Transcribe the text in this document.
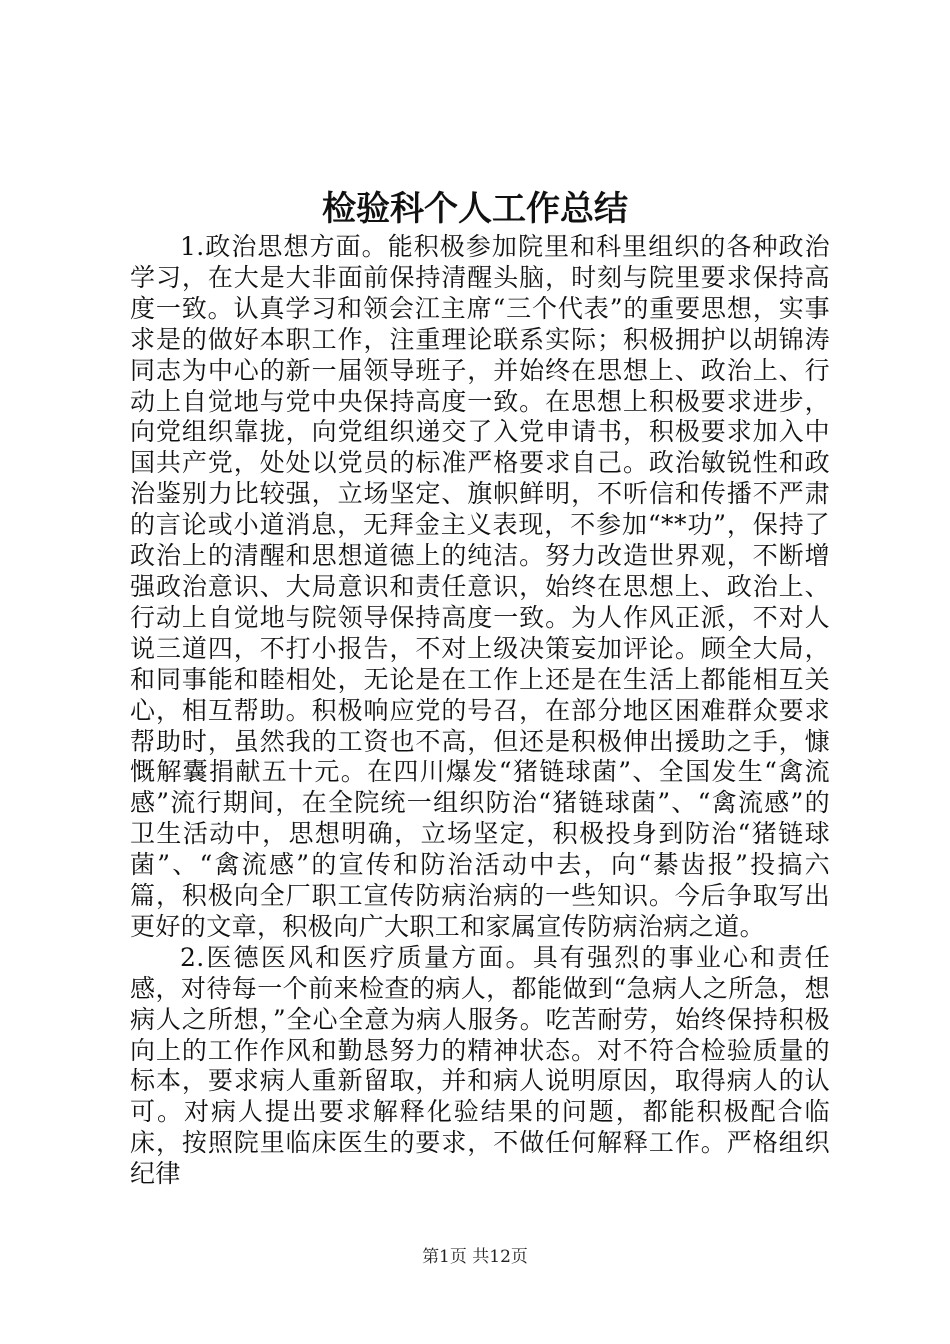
检验科个人工作总结

1.政治思想方面。能积极参加院里和科里组织的各种政治学习，在大是大非面前保持清醒头脑，时刻与院里要求保持高度一致。认真学习和领会江主席“三个代表”的重要思想，实事求是的做好本职工作，注重理论联系实际；积极拥护以胡锦涛同志为中心的新一届领导班子，并始终在思想上、政治上、行动上自觉地与党中央保持高度一致。在思想上积极要求进步，向党组织靠拢，向党组织递交了入党申请书，积极要求加入中国共产党，处处以党员的标准严格要求自己。政治敏锐性和政治鉴别力比较强，立场坚定、旗帜鲜明，不听信和传播不严肃的言论或小道消息，无拜金主义表现，不参加“**功”，保持了政治上的清醒和思想道德上的纯洁。努力改造世界观，不断增强政治意识、大局意识和责任意识，始终在思想上、政治上、行动上自觉地与院领导保持高度一致。为人作风正派，不对人说三道四，不打小报告，不对上级决策妄加评论。顾全大局，和同事能和睦相处，无论是在工作上还是在生活上都能相互关心，相互帮助。积极响应党的号召，在部分地区困难群众要求帮助时，虽然我的工资也不高，但还是积极伸出援助之手，慷慨解囊捐献五十元。在四川爆发“猪链球菌”、全国发生“禽流感”流行期间，在全院统一组织防治“猪链球菌”、“禽流感”的卫生活动中，思想明确，立场坚定，积极投身到防治“猪链球菌”、“禽流感”的宣传和防治活动中去，向“綦齿报”投搞六篇，积极向全厂职工宣传防病治病的一些知识。今后争取写出更好的文章，积极向广大职工和家属宣传防病治病之道。

2.医德医风和医疗质量方面。具有强烈的事业心和责任感，对待每一个前来检查的病人，都能做到“急病人之所急，想病人之所想，”全心全意为病人服务。吃苦耐劳，始终保持积极向上的工作作风和勤恳努力的精神状态。对不符合检验质量的标本，要求病人重新留取，并和病人说明原因，取得病人的认可。对病人提出要求解释化验结果的问题，都能积极配合临床，按照院里临床医生的要求，不做任何解释工作。严格组织纪律

第1页 共12页
